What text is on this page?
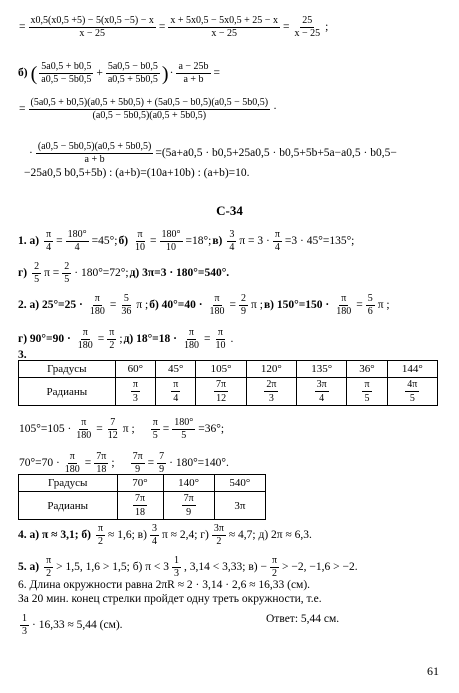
= $\frac{x0,5(x0,5 +5) - 5(x0,5 -5) - x}{x - 25} = \frac{x + 5x0,5 - 5x0,5 + 25 - x}{x - 25} = \frac{25}{x - 25}$ ;
б) ( $\frac{5a0,5 + b0,5}{a0,5 - 5b0,5} + \frac{5a0,5 - b0,5}{a0,5 + 5b0,5}$ ) · $\frac{a - 25b}{a + b}$ =
= $\frac{(5a0,5 + b0,5)(a0,5 + 5b0,5) + (5a0,5 - b0,5)(a0,5 - 5b0,5)}{(a0,5 - 5b0,5)(a0,5 + 5b0,5)}$ ·
· $\frac{(a0,5 - 5b0,5)(a0,5 + 5b0,5)}{a + b} =(5a+a0,5 \cdot b0,5+25a0,5 \cdot b0,5+5b+5a-a0,5 \cdot b0,5-$
−25a0,5 b0,5+5b) : (a+b)=(10a+10b) : (a+b)=10.
С-34
1. $а) \frac{\pi}{4} = \frac{180^\circ}{4} =45^\circ$; $б) \frac{\pi}{10} = \frac{180^\circ}{10} =18^\circ$; $в) \frac{3}{4}$ $\pi = 3 \cdot \frac{\pi}{4} =3 \cdot 45^\circ=135^\circ$;
$г) \frac{2}{5}$ $\pi = \frac{2}{5} \cdot 180^\circ=72^\circ$; д) 3π=3 · 180°=540°.
2. а) $25^\circ=25 \cdot \frac{\pi}{180} = \frac{5}{36}$ π ; б) $40^\circ=40 \cdot \frac{\pi}{180} = \frac{2}{9}$ π ; в) $150^\circ=150 \cdot \frac{\pi}{180} = \frac{5}{6}$ π ;
г) $90^\circ=90 \cdot \frac{\pi}{180} = \frac{\pi}{2}$ ; д) $18^\circ=18 \cdot \frac{\pi}{180} = \frac{\pi}{10}$ .
3.
Градусы	60°	45°	105°	120°	135°	36°	144°
Радианы	$\frac{\pi}{3}$	$\frac{\pi}{4}$	$\frac{7\pi}{12}$	$\frac{2\pi}{3}$	$\frac{3\pi}{4}$	$\frac{\pi}{5}$	$\frac{4\pi}{5}$
$105^\circ=105 \cdot \frac{\pi}{180} = \frac{7}{12}$ π ; $\frac{\pi}{5} = \frac{180^\circ}{5} =36^\circ$;
$70^\circ=70 \cdot \frac{\pi}{180} = \frac{7\pi}{18}$ ; $\frac{7\pi}{9} = \frac{7}{9} \cdot 180^\circ=140^\circ$.
Градусы	70°	140°	540°
Радианы	$\frac{7\pi}{18}$	$\frac{7\pi}{9}$	3π
4. а) π ≈ 3,1; $б) \frac{\pi}{2} \approx 1,6$; $в) \frac{3}{4}$ π ≈ 2,4; $г) \frac{3\pi}{2} \approx 4,7$; д) 2π ≈ 6,3.
5. $а) \frac{\pi}{2} > 1,5$, 1,6 > 1,5; б) $\pi < 3 \frac{1}{3}$ , 3,14 < 3,33; $в) - \frac{\pi}{2} > -2$, −1,6 > −2.
6. Длина окружности равна 2πR ≈ 2 · 3,14 · 2,6 ≈ 16,33 (см).
За 20 мин. конец стрелки пройдет одну треть окружности, т.е.
$\frac{1}{3} \cdot 16,33 \approx 5,44$ (см).	Ответ: 5,44 см.
61
